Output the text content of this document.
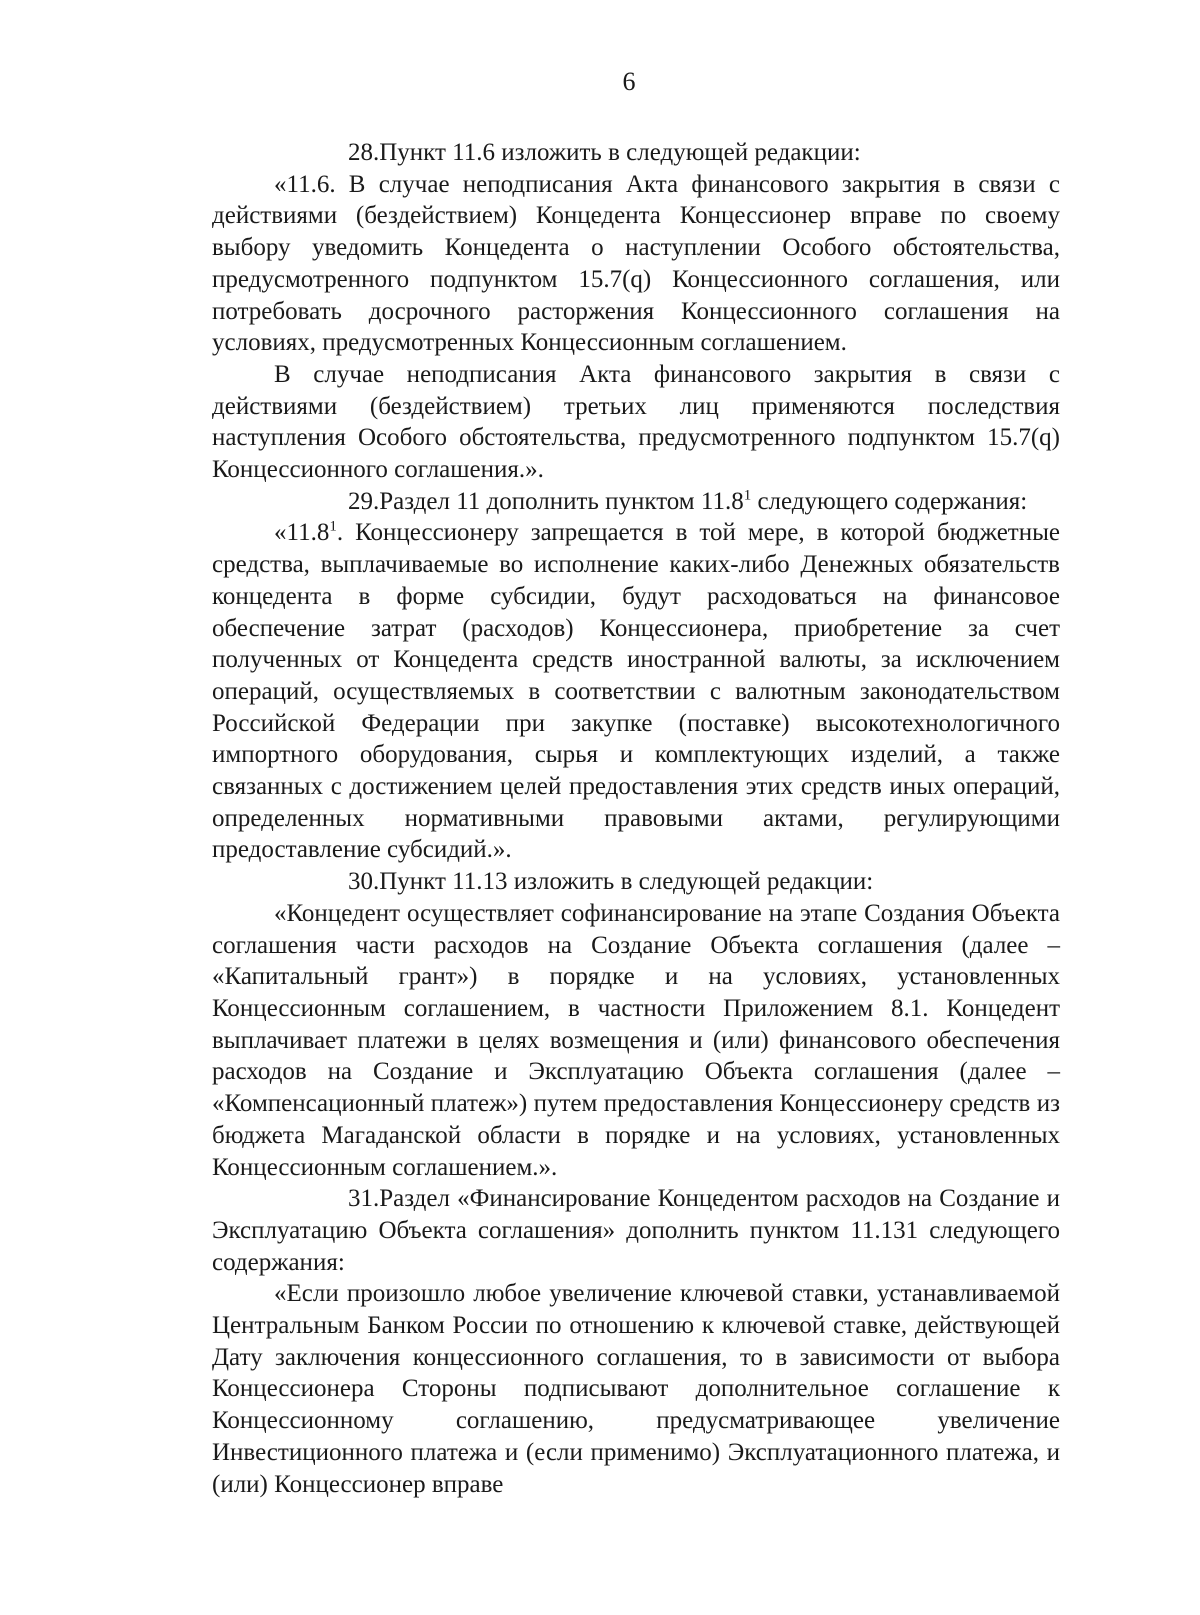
6

28.Пункт 11.6 изложить в следующей редакции:

«11.6. В случае неподписания Акта финансового закрытия в связи с действиями (бездействием) Концедента Концессионер вправе по своему выбору уведомить Концедента о наступлении Особого обстоятельства, предусмотренного подпунктом 15.7(q) Концессионного соглашения, или потребовать досрочного расторжения Концессионного соглашения на условиях, предусмотренных Концессионным соглашением.

В случае неподписания Акта финансового закрытия в связи с действиями (бездействием) третьих лиц применяются последствия наступления Особого обстоятельства, предусмотренного подпунктом 15.7(q) Концессионного соглашения.».

29.Раздел 11 дополнить пунктом 11.8$^1$ следующего содержания:

«11.8$^1$. Концессионеру запрещается в той мере, в которой бюджетные средства, выплачиваемые во исполнение каких-либо Денежных обязательств концедента в форме субсидии, будут расходоваться на финансовое обеспечение затрат (расходов) Концессионера, приобретение за счет полученных от Концедента средств иностранной валюты, за исключением операций, осуществляемых в соответствии с валютным законодательством Российской Федерации при закупке (поставке) высокотехнологичного импортного оборудования, сырья и комплектующих изделий, а также связанных с достижением целей предоставления этих средств иных операций, определенных нормативными правовыми актами, регулирующими предоставление субсидий.».

30.Пункт 11.13 изложить в следующей редакции:

«Концедент осуществляет софинансирование на этапе Создания Объекта соглашения части расходов на Создание Объекта соглашения (далее – «Капитальный грант») в порядке и на условиях, установленных Концессионным соглашением, в частности Приложением 8.1. Концедент выплачивает платежи в целях возмещения и (или) финансового обеспечения расходов на Создание и Эксплуатацию Объекта соглашения (далее – «Компенсационный платеж») путем предоставления Концессионеру средств из бюджета Магаданской области в порядке и на условиях, установленных Концессионным соглашением.».

31.Раздел «Финансирование Концедентом расходов на Создание и Эксплуатацию Объекта соглашения» дополнить пунктом 11.131 следующего содержания:

«Если произошло любое увеличение ключевой ставки, устанавливаемой Центральным Банком России по отношению к ключевой ставке, действующей Дату заключения концессионного соглашения, то в зависимости от выбора Концессионера Стороны подписывают дополнительное соглашение к Концессионному соглашению, предусматривающее увеличение Инвестиционного платежа и (если применимо) Эксплуатационного платежа, и (или) Концессионер вправе
